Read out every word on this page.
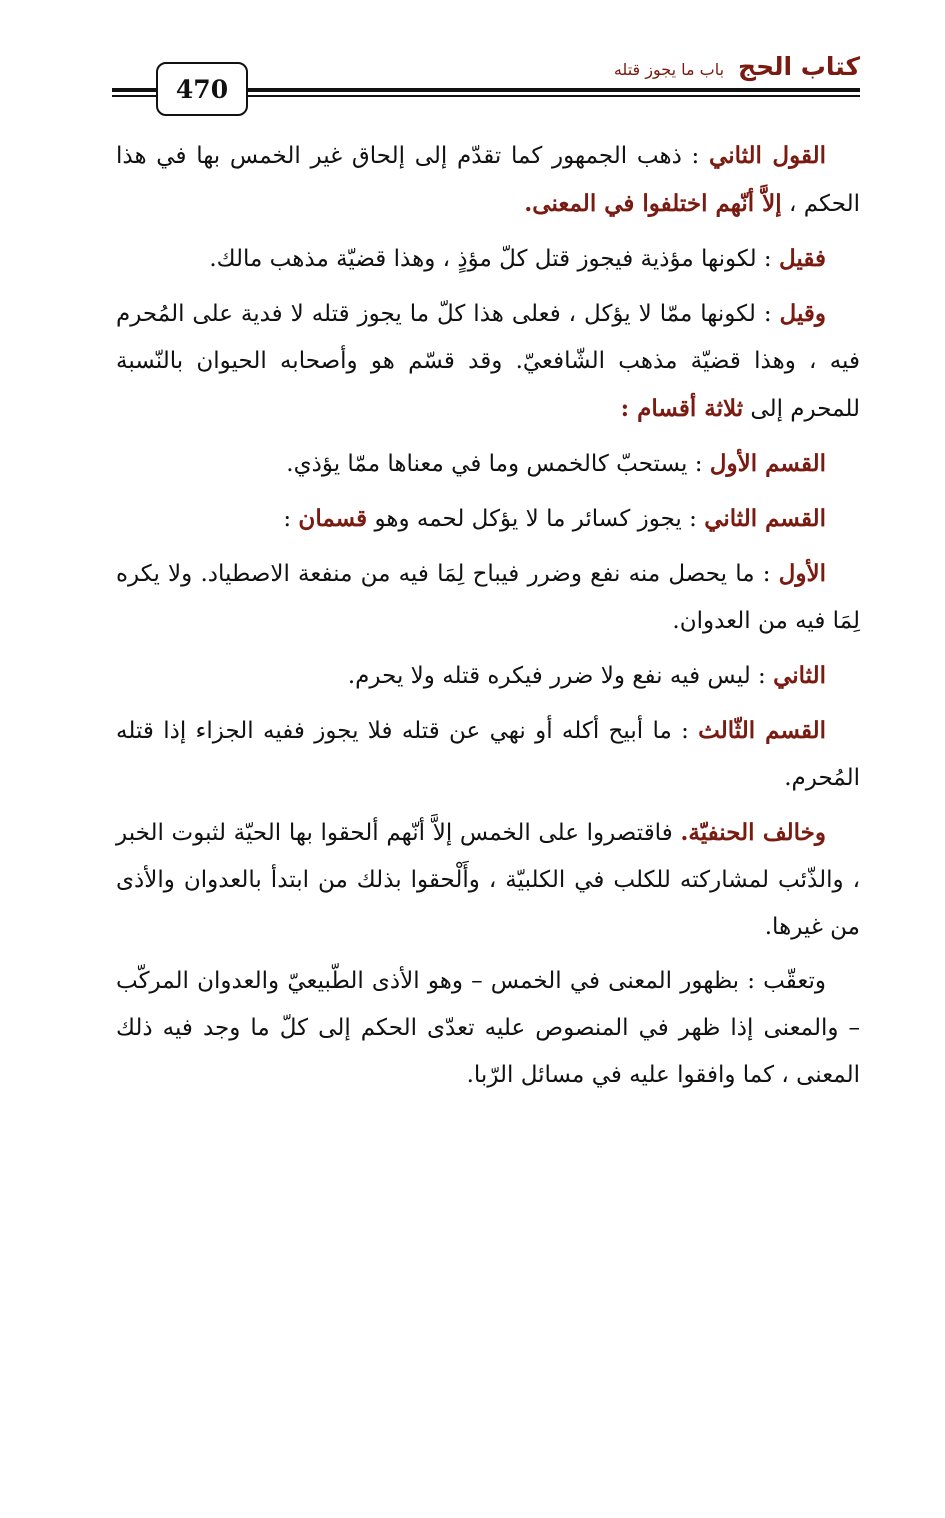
470
كتاب الحج
باب ما يجوز قتله

القول الثاني : ذهب الجمهور كما تقدّم إلى إلحاق غير الخمس بها في هذا الحكم ، إلاَّ أنّهم اختلفوا في المعنى.

فقيل : لكونها مؤذية فيجوز قتل كلّ مؤذٍ ، وهذا قضيّة مذهب مالك.

وقيل : لكونها ممّا لا يؤكل ، فعلى هذا كلّ ما يجوز قتله لا فدية على المُحرم فيه ، وهذا قضيّة مذهب الشّافعيّ. وقد قسّم هو وأصحابه الحيوان بالنّسبة للمحرم إلى ثلاثة أقسام :

القسم الأول : يستحبّ كالخمس وما في معناها ممّا يؤذي.

القسم الثاني : يجوز كسائر ما لا يؤكل لحمه وهو قسمان :

الأول : ما يحصل منه نفع وضرر فيباح لِمَا فيه من منفعة الاصطياد. ولا يكره لِمَا فيه من العدوان.

الثاني : ليس فيه نفع ولا ضرر فيكره قتله ولا يحرم.

القسم الثّالث : ما أبيح أكله أو نهي عن قتله فلا يجوز ففيه الجزاء إذا قتله المُحرم.

وخالف الحنفيّة. فاقتصروا على الخمس إلاَّ أنّهم ألحقوا بها الحيّة لثبوت الخبر ، والذّئب لمشاركته للكلب في الكلبيّة ، وأَلْحقوا بذلك من ابتدأ بالعدوان والأذى من غيرها.

وتعقّب : بظهور المعنى في الخمس – وهو الأذى الطّبيعيّ والعدوان المركّب – والمعنى إذا ظهر في المنصوص عليه تعدّى الحكم إلى كلّ ما وجد فيه ذلك المعنى ، كما وافقوا عليه في مسائل الرّبا.
